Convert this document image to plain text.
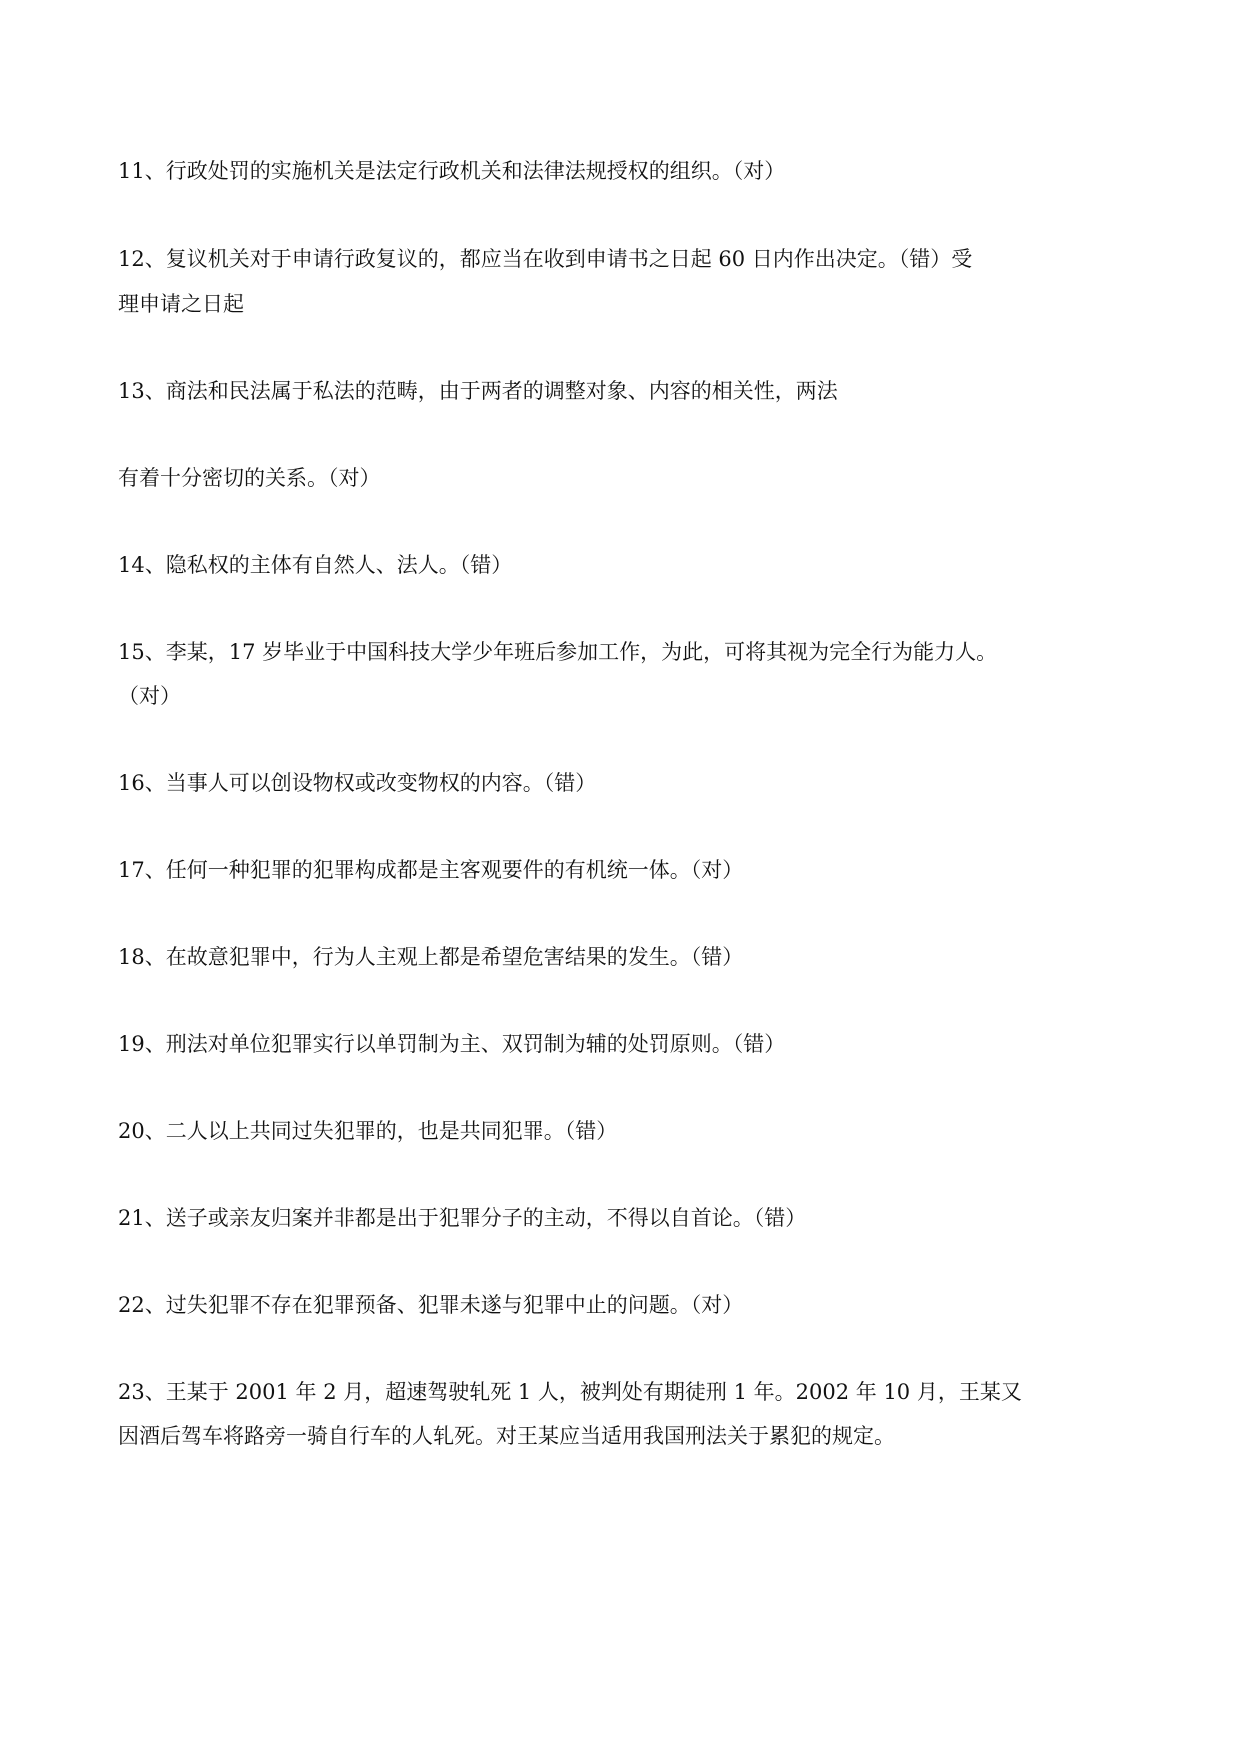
11、行政处罚的实施机关是法定行政机关和法律法规授权的组织。（对）

12、复议机关对于申请行政复议的，都应当在收到申请书之日起 60 日内作出决定。（错）受

理申请之日起

13、商法和民法属于私法的范畴，由于两者的调整对象、内容的相关性，两法

有着十分密切的关系。（对）

14、隐私权的主体有自然人、法人。（错）

15、李某，17 岁毕业于中国科技大学少年班后参加工作，为此，可将其视为完全行为能力人。

（对）

16、当事人可以创设物权或改变物权的内容。（错）

17、任何一种犯罪的犯罪构成都是主客观要件的有机统一体。（对）

18、在故意犯罪中，行为人主观上都是希望危害结果的发生。（错）

19、刑法对单位犯罪实行以单罚制为主、双罚制为辅的处罚原则。（错）

20、二人以上共同过失犯罪的，也是共同犯罪。（错）

21、送子或亲友归案并非都是出于犯罪分子的主动，不得以自首论。（错）

22、过失犯罪不存在犯罪预备、犯罪未遂与犯罪中止的问题。（对）

23、王某于 2001 年 2 月，超速驾驶轧死 1 人，被判处有期徒刑 1 年。2002 年 10 月，王某又

因酒后驾车将路旁一骑自行车的人轧死。对王某应当适用我国刑法关于累犯的规定。
